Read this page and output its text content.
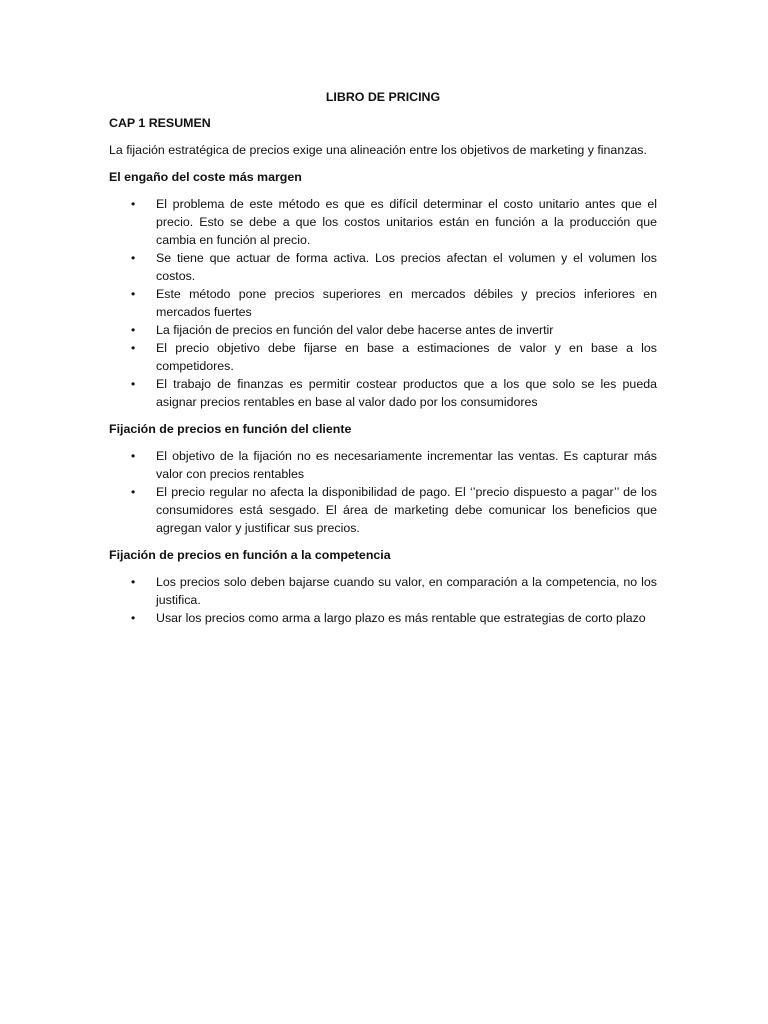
LIBRO DE PRICING
CAP 1 RESUMEN

La fijación estratégica de precios exige una alineación entre los objetivos de marketing y finanzas.

El engaño del coste más margen
• El problema de este método es que es difícil determinar el costo unitario antes que el precio. Esto se debe a que los costos unitarios están en función a la producción que cambia en función al precio.
• Se tiene que actuar de forma activa. Los precios afectan el volumen y el volumen los costos.
• Este método pone precios superiores en mercados débiles y precios inferiores en mercados fuertes
• La fijación de precios en función del valor debe hacerse antes de invertir
• El precio objetivo debe fijarse en base a estimaciones de valor y en base a los competidores.
• El trabajo de finanzas es permitir costear productos que a los que solo se les pueda asignar precios rentables en base al valor dado por los consumidores
Fijación de precios en función del cliente
• El objetivo de la fijación no es necesariamente incrementar las ventas. Es capturar más valor con precios rentables
• El precio regular no afecta la disponibilidad de pago. El ‘’precio dispuesto a pagar’’ de los consumidores está sesgado. El área de marketing debe comunicar los beneficios que agregan valor y justificar sus precios.
Fijación de precios en función a la competencia
• Los precios solo deben bajarse cuando su valor, en comparación a la competencia, no los justifica.
• Usar los precios como arma a largo plazo es más rentable que estrategias de corto plazo
